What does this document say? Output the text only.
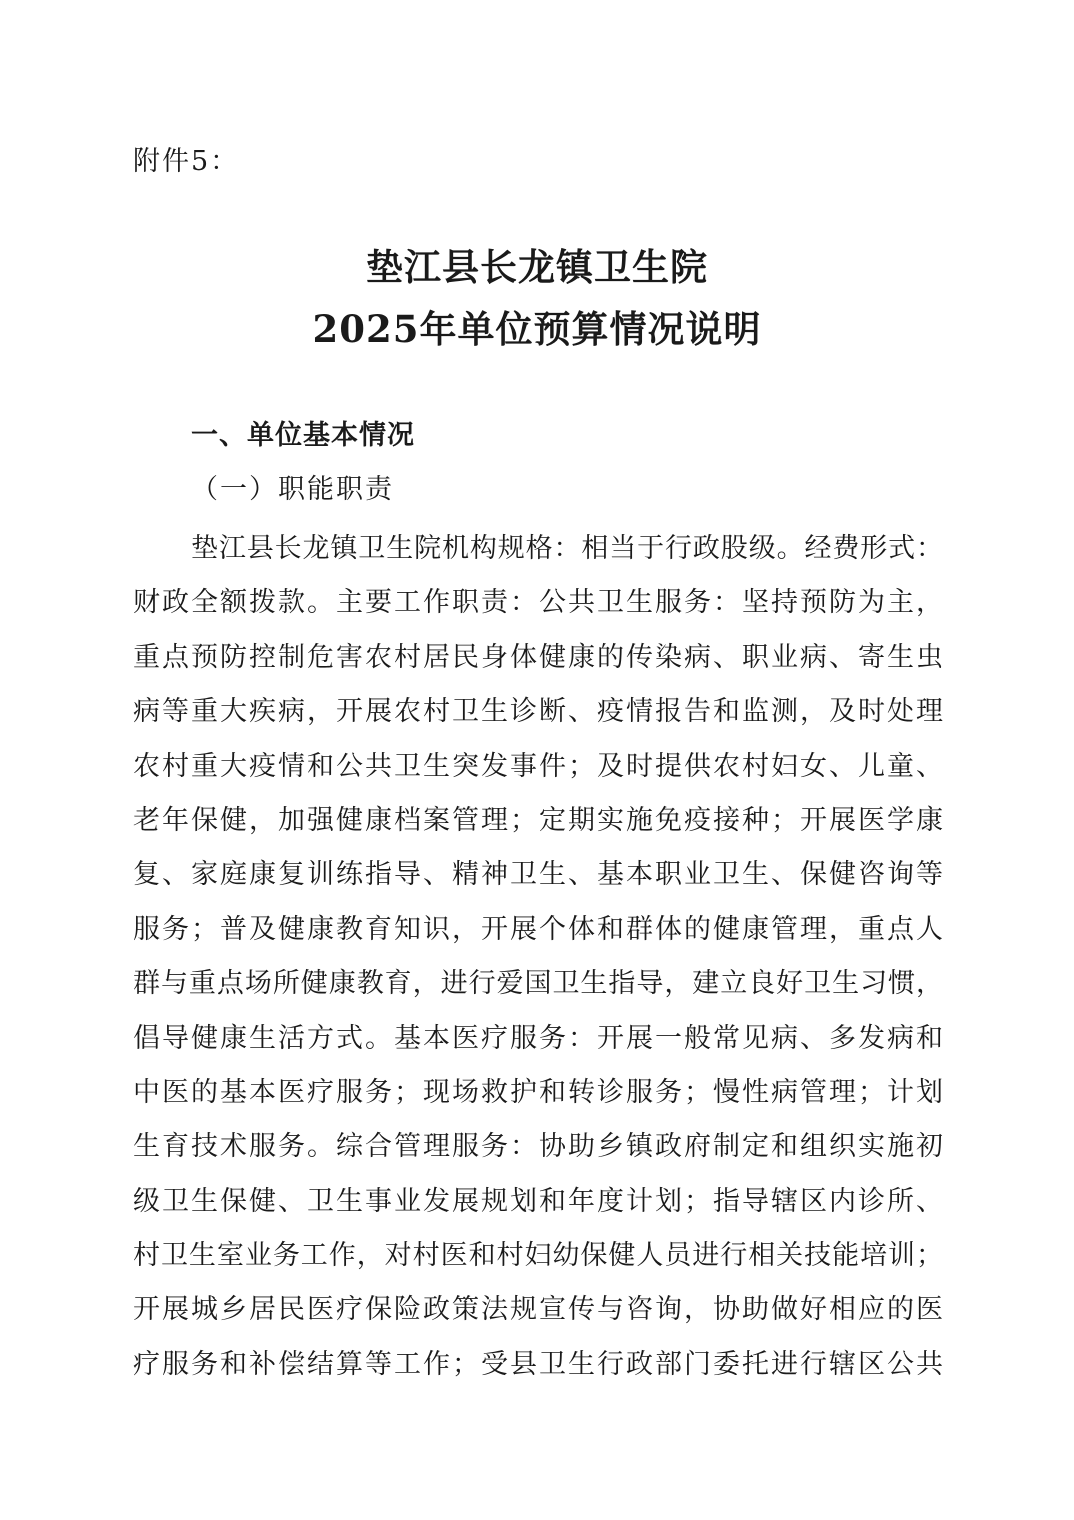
附件5：
垫江县长龙镇卫生院
2025年单位预算情况说明
一、单位基本情况
（一）职能职责
垫江县长龙镇卫生院机构规格：相当于行政股级。经费形式：
财政全额拨款。主要工作职责：公共卫生服务：坚持预防为主，
重点预防控制危害农村居民身体健康的传染病、职业病、寄生虫
病等重大疾病，开展农村卫生诊断、疫情报告和监测，及时处理
农村重大疫情和公共卫生突发事件；及时提供农村妇女、儿童、
老年保健，加强健康档案管理；定期实施免疫接种；开展医学康
复、家庭康复训练指导、精神卫生、基本职业卫生、保健咨询等
服务；普及健康教育知识，开展个体和群体的健康管理，重点人
群与重点场所健康教育，进行爱国卫生指导，建立良好卫生习惯，
倡导健康生活方式。基本医疗服务：开展一般常见病、多发病和
中医的基本医疗服务；现场救护和转诊服务；慢性病管理；计划
生育技术服务。综合管理服务：协助乡镇政府制定和组织实施初
级卫生保健、卫生事业发展规划和年度计划；指导辖区内诊所、
村卫生室业务工作，对村医和村妇幼保健人员进行相关技能培训；
开展城乡居民医疗保险政策法规宣传与咨询，协助做好相应的医
疗服务和补偿结算等工作；受县卫生行政部门委托进行辖区公共
